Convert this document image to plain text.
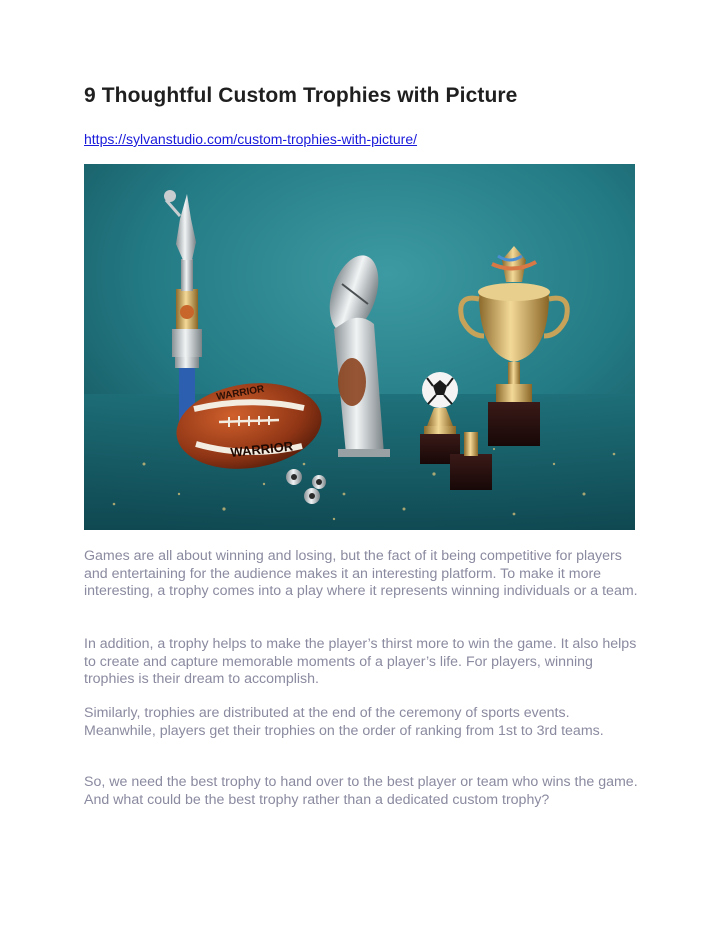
9 Thoughtful Custom Trophies with Picture
https://sylvanstudio.com/custom-trophies-with-picture/
WARRIOR
WARRIOR

Games are all about winning and losing, but the fact of it being competitive for players and entertaining for the audience makes it an interesting platform. To make it more interesting, a trophy comes into a play where it represents winning individuals or a team.

In addition, a trophy helps to make the player’s thirst more to win the game. It also helps to create and capture memorable moments of a player’s life. For players, winning trophies is their dream to accomplish.

Similarly, trophies are distributed at the end of the ceremony of sports events. Meanwhile, players get their trophies on the order of ranking from 1st to 3rd teams.

So, we need the best trophy to hand over to the best player or team who wins the game. And what could be the best trophy rather than a dedicated custom trophy?
